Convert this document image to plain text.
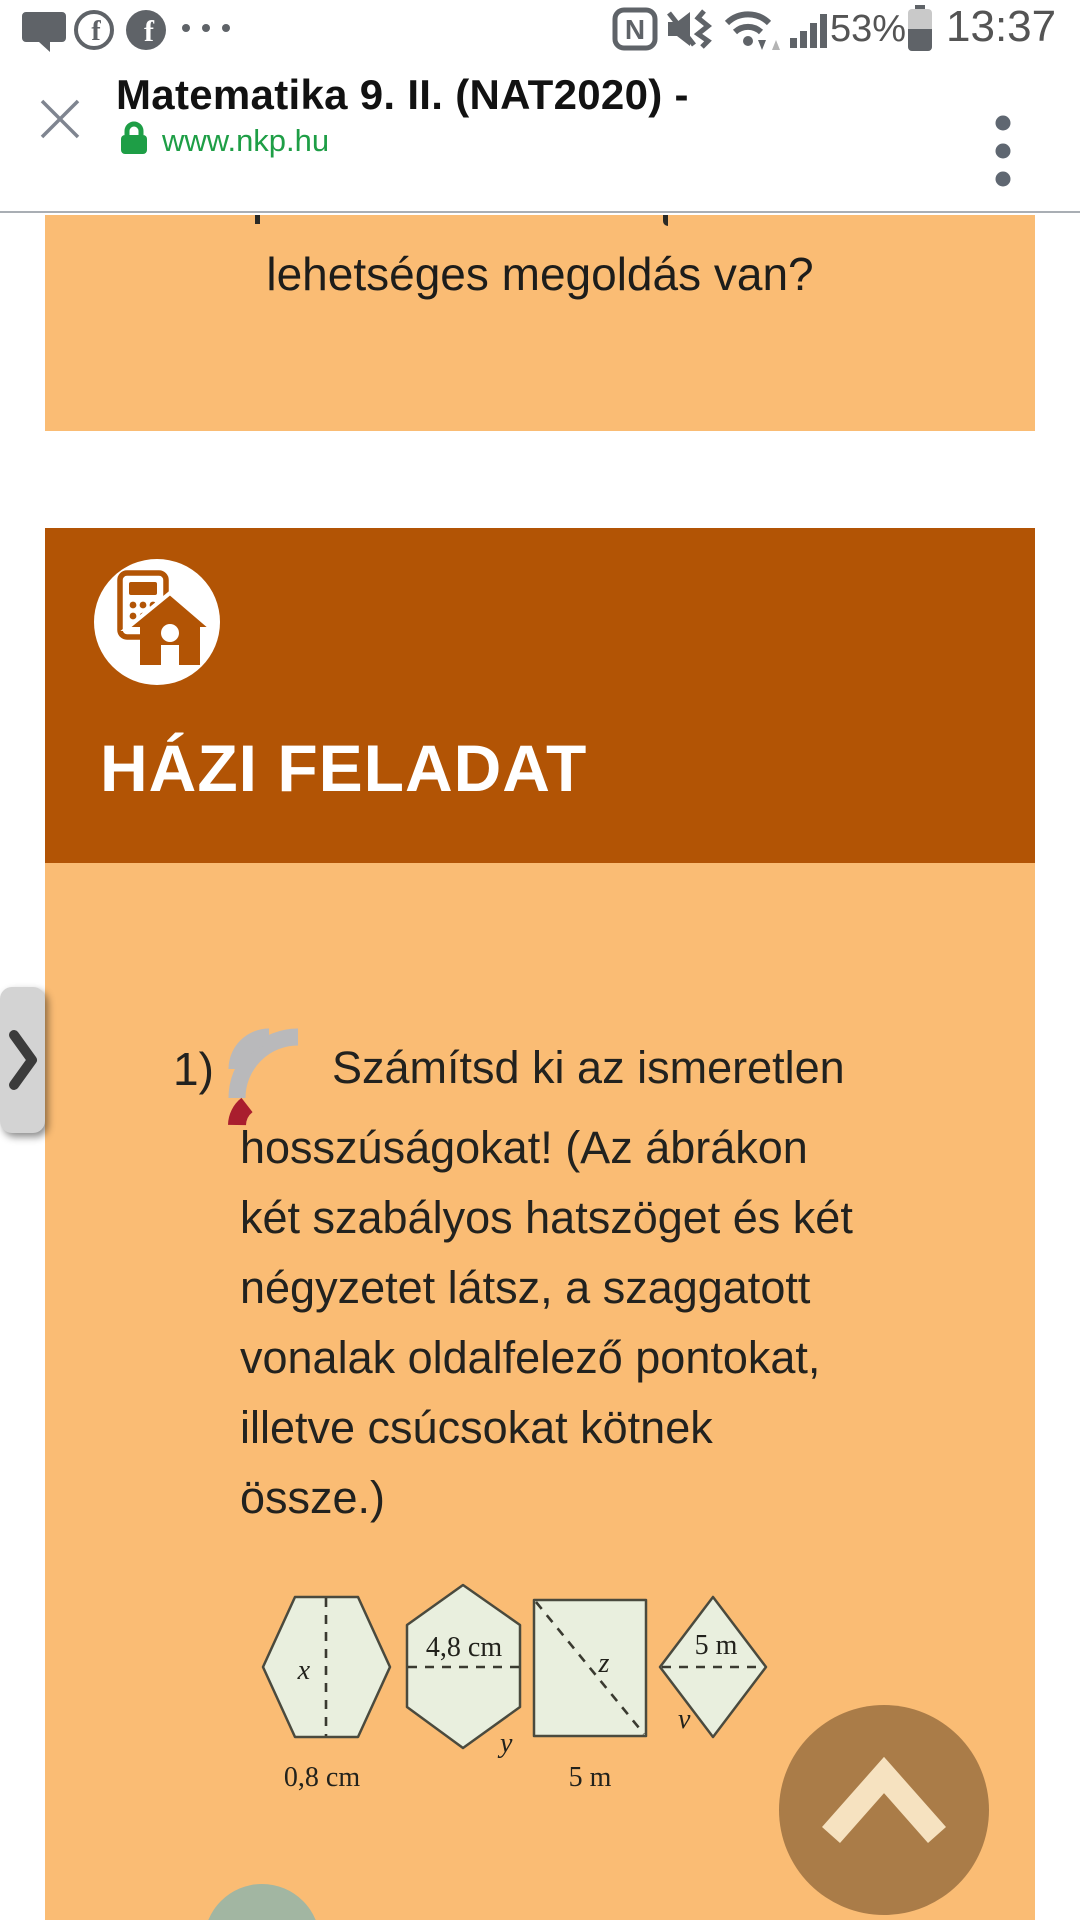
f f	N	53% 13:37
Matematika 9. II. (NAT2020) -
www.nkp.hu
lehetséges megoldás van?
HÁZI FELADAT
1)	Számítsd ki az ismeretlen
hosszúságokat! (Az ábrákon
két szabályos hatszöget és két
négyzetet látsz, a szaggatott
vonalak oldalfelező pontokat,
illetve csúcsokat kötnek
össze.)
x
0,8 cm
4,8 cm
y
z
5 m
5 m
v
